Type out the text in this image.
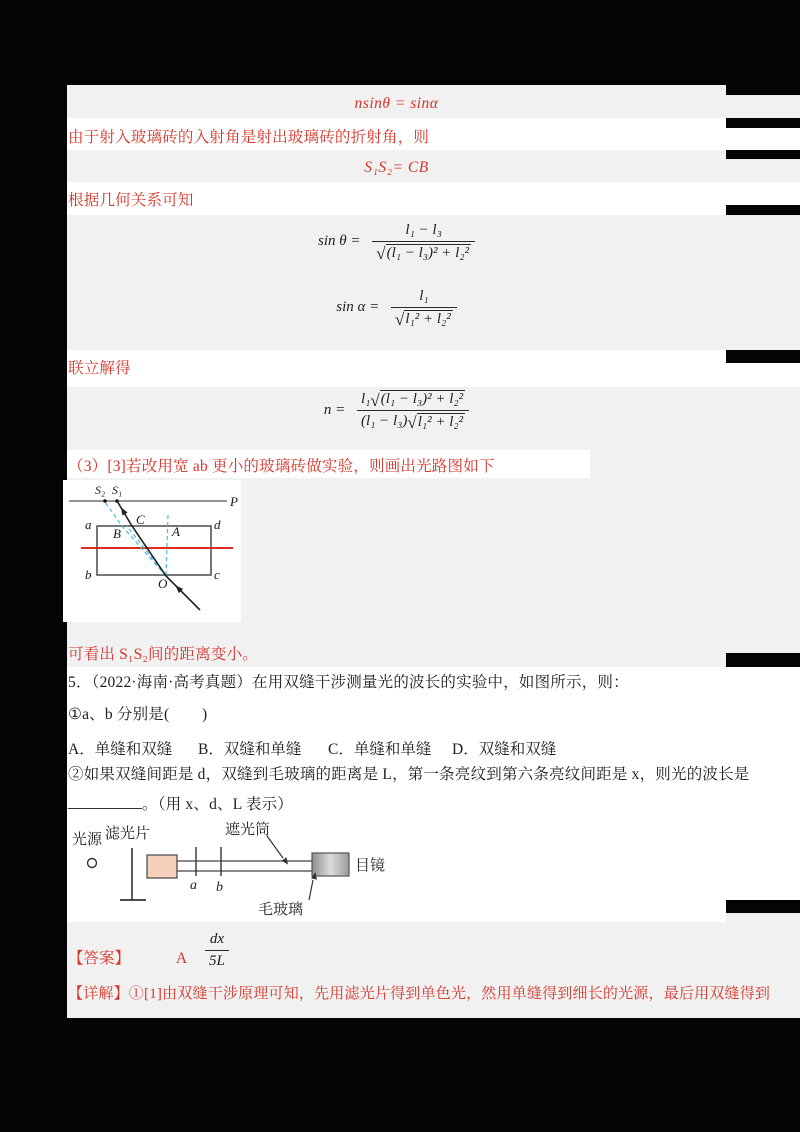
nsinθ = sinα
由于射入玻璃砖的入射角是射出玻璃砖的折射角，则
S₁S₂= CB
根据几何关系可知
$\sin \theta = \frac{\text{l₁ − l₃}}{\text{√ (l₁ − l₃)² + l₂²}}$
$\sin \alpha = \frac{\text{l₁}}{\text{√ l₁² + l₂²}}$
联立解得
$n = \frac{\text{l₁ √ (l₁ − l₃)² + l₂²}}{\text{(l₁ − l₃) √ l₁² + l₂²}}$
（3）[3]若改用宽 ab 更小的玻璃砖做实验，则画出光路图如下
P
S₂ S₁
a	d
b	c
C
B	A
O
可看出 S₁S₂间的距离变小。
5．（2022·海南·高考真题）在用双缝干涉测量光的波长的实验中，如图所示，则：
①a、b 分别是(        )
A．单缝和双缝 B．双缝和单缝 C．单缝和单缝 D．双缝和双缝
②如果双缝间距是 d，双缝到毛玻璃的距离是 L，第一条亮纹到第六条亮纹间距是 x，则光的波长是
。（用 x、d、L 表示）
光源 滤光片	遮光筒
目镜
毛玻璃
a b
【答案】	A $\frac{dx}{5L}$
【详解】①[1]由双缝干涉原理可知，先用滤光片得到单色光，然用单缝得到细长的光源，最后用双缝得到
